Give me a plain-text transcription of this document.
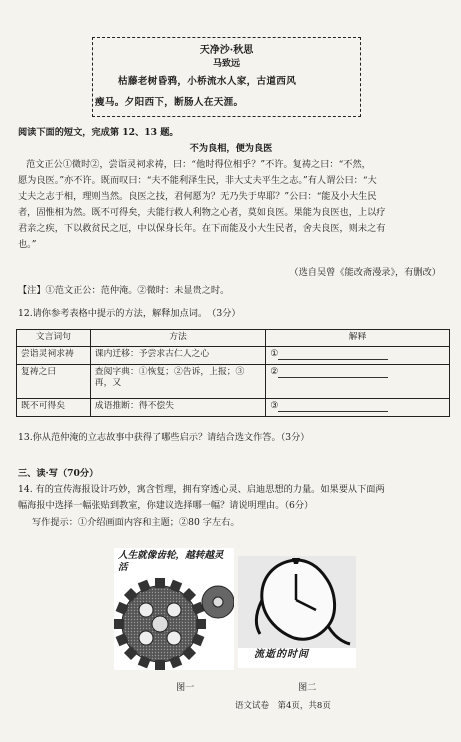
天净沙·秋思
马致远
枯藤老树昏鸦，小桥流水人家，古道西风
瘦马。夕阳西下，断肠人在天涯。
阅读下面的短文，完成第 12、13 题。
不为良相，便为良医
范文正公①微时②，尝诣灵祠求祷，曰：“他时得位相乎？”不许。复祷之曰：“不然，
愿为良医。”亦不许。既而叹曰：“夫不能利泽生民，非大丈夫平生之志。”有人谓公曰：“大
丈夫之志于相，理则当然。良医之技，君何愿为？无乃失于卑耶？”公曰：“能及小大生民
者，固惟相为然。既不可得矣，夫能行救人利物之心者，莫如良医。果能为良医也，上以疗
君亲之疾，下以救贫民之厄，中以保身长年。在下而能及小大生民者，舍夫良医，则未之有
也。”
（选自吴曾《能改斋漫录》，有删改）
【注】①范文正公：范仲淹。②微时：未显贵之时。
12.请你参考表格中提示的方法，解释加点词。　（3分）
文言词句	方法	解释
尝诣灵祠求祷	课内迁移：予尝求古仁人之心	①
复祷之曰	查阅字典：①恢复；②告诉，上报；③再，又	②
既不可得矣	成语推断：得不偿失	③
13.你从范仲淹的立志故事中获得了哪些启示？请结合选文作答。（3分）
三、读·写（70分）
14. 有的宣传海报设计巧妙，寓含哲理，拥有穿透心灵、启迪思想的力量。如果要从下面两
幅海报中选择一幅张贴到教室，你建议选择哪一幅？请说明理由。（6分）
写作提示：①介绍画面内容和主题；②80 字左右。
人生就像齿轮，越转越灵活
流逝的时间
图一	图二
语文试卷　第4页，共8页
